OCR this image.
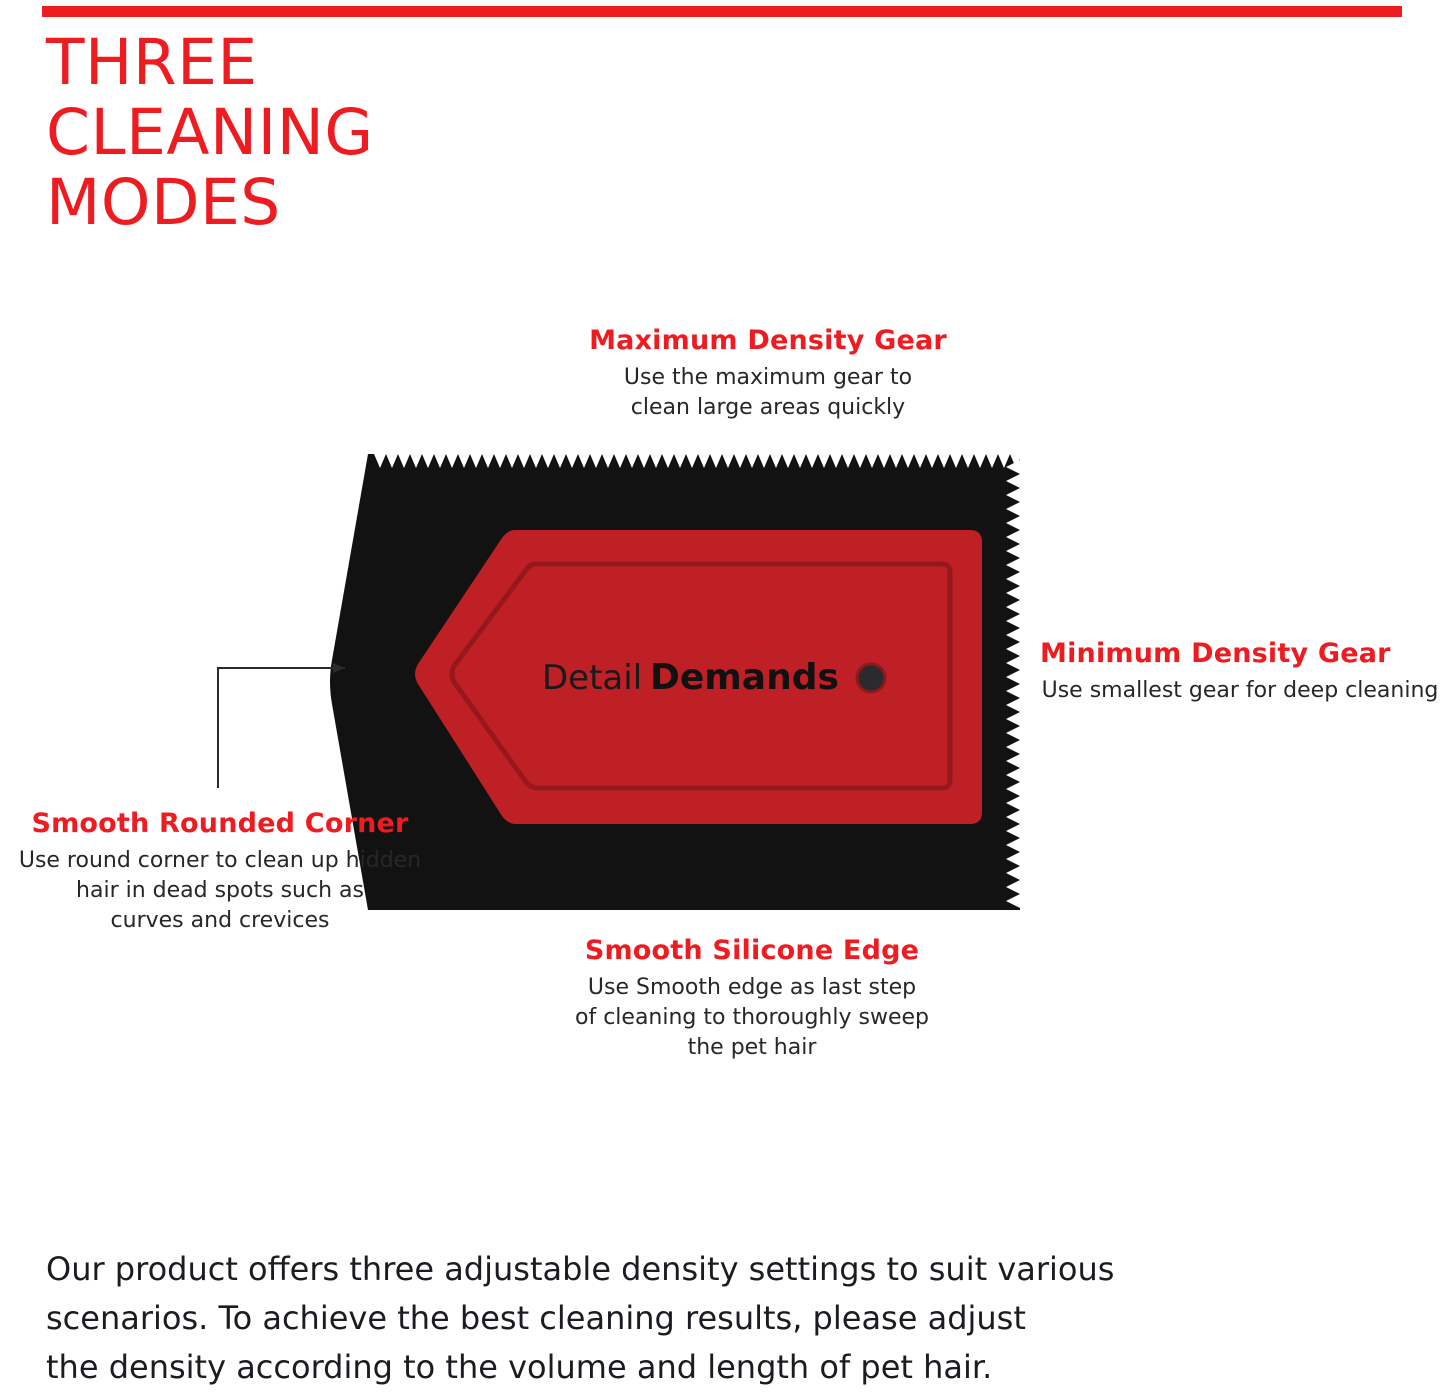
THREE
CLEANING
MODES
Detail Demands
Maximum Density Gear
Use the maximum gear to
clean large areas quickly
Minimum Density Gear
Use smallest gear for deep cleaning
Smooth Rounded Corner
Use round corner to clean up hidden
hair in dead spots such as
curves and crevices
Smooth Silicone Edge
Use Smooth edge as last step
of cleaning to thoroughly sweep
the pet hair
Our product offers three adjustable density settings to suit various
scenarios. To achieve the best cleaning results, please adjust
the density according to the volume and length of pet hair.
